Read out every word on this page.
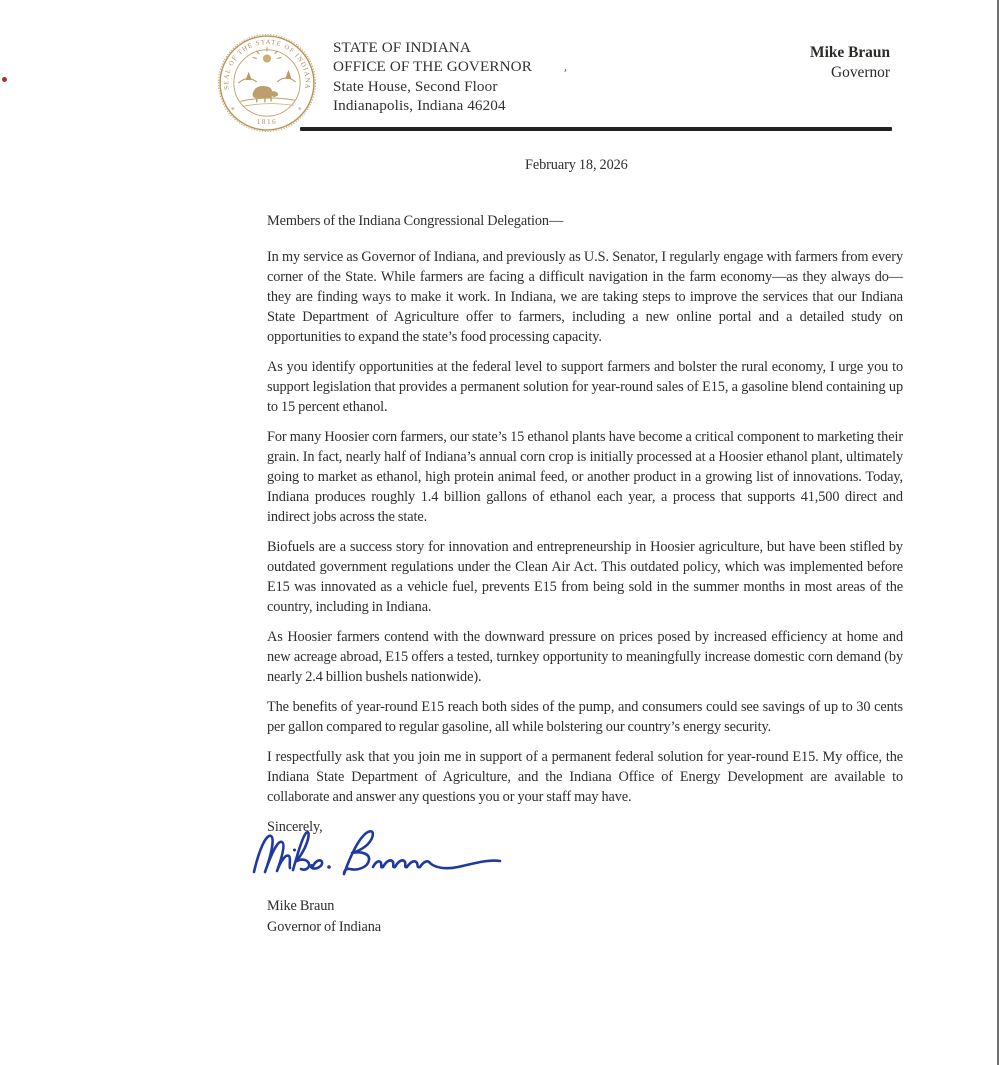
SEAL OF THE STATE OF INDIANA
1816
✳	✳
STATE OF INDIANA
OFFICE OF THE GOVERNOR
State House, Second Floor
Indianapolis, Indiana 46204
Mike Braun
Governor
February 18, 2026
Members of the Indiana Congressional Delegation—

In my service as Governor of Indiana, and previously as U.S. Senator, I regularly engage with farmers from every corner of the State. While farmers are facing a difficult navigation in the farm economy—as they always do—they are finding ways to make it work. In Indiana, we are taking steps to improve the services that our Indiana State Department of Agriculture offer to farmers, including a new online portal and a detailed study on opportunities to expand the state’s food processing capacity.

As you identify opportunities at the federal level to support farmers and bolster the rural economy, I urge you to support legislation that provides a permanent solution for year-round sales of E15, a gasoline blend containing up to 15 percent ethanol.

For many Hoosier corn farmers, our state’s 15 ethanol plants have become a critical component to marketing their grain. In fact, nearly half of Indiana’s annual corn crop is initially processed at a Hoosier ethanol plant, ultimately going to market as ethanol, high protein animal feed, or another product in a growing list of innovations. Today, Indiana produces roughly 1.4 billion gallons of ethanol each year, a process that supports 41,500 direct and indirect jobs across the state.

Biofuels are a success story for innovation and entrepreneurship in Hoosier agriculture, but have been stifled by outdated government regulations under the Clean Air Act. This outdated policy, which was implemented before E15 was innovated as a vehicle fuel, prevents E15 from being sold in the summer months in most areas of the country, including in Indiana.

As Hoosier farmers contend with the downward pressure on prices posed by increased efficiency at home and new acreage abroad, E15 offers a tested, turnkey opportunity to meaningfully increase domestic corn demand (by nearly 2.4 billion bushels nationwide).

The benefits of year-round E15 reach both sides of the pump, and consumers could see savings of up to 30 cents per gallon compared to regular gasoline, all while bolstering our country’s energy security.

I respectfully ask that you join me in support of a permanent federal solution for year-round E15. My office, the Indiana State Department of Agriculture, and the Indiana Office of Energy Development are available to collaborate and answer any questions you or your staff may have.

Sincerely,
Mike Braun
Governor of Indiana
’
